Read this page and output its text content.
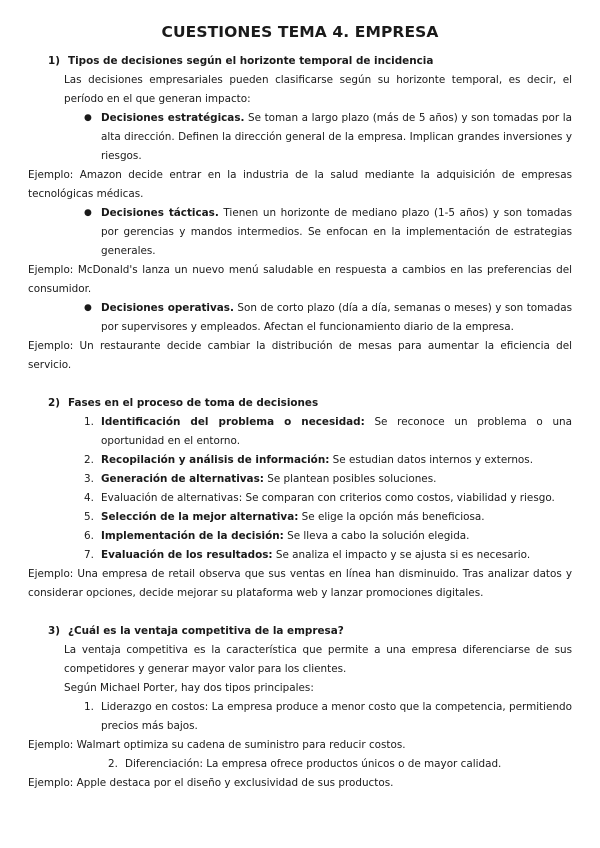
CUESTIONES TEMA 4. EMPRESA
1) Tipos de decisiones según el horizonte temporal de incidencia
Las decisiones empresariales pueden clasificarse según su horizonte temporal, es decir, el período en el que generan impacto:
● Decisiones estratégicas. Se toman a largo plazo (más de 5 años) y son tomadas por la alta dirección. Definen la dirección general de la empresa. Implican grandes inversiones y riesgos.
Ejemplo: Amazon decide entrar en la industria de la salud mediante la adquisición de empresas tecnológicas médicas.
● Decisiones tácticas. Tienen un horizonte de mediano plazo (1-5 años) y son tomadas por gerencias y mandos intermedios. Se enfocan en la implementación de estrategias generales.
Ejemplo: McDonald's lanza un nuevo menú saludable en respuesta a cambios en las preferencias del consumidor.
● Decisiones operativas. Son de corto plazo (día a día, semanas o meses) y son tomadas por supervisores y empleados. Afectan el funcionamiento diario de la empresa.
Ejemplo: Un restaurante decide cambiar la distribución de mesas para aumentar la eficiencia del servicio.
2) Fases en el proceso de toma de decisiones
1. Identificación del problema o necesidad: Se reconoce un problema o una oportunidad en el entorno.
2. Recopilación y análisis de información: Se estudian datos internos y externos.
3. Generación de alternativas: Se plantean posibles soluciones.
4. Evaluación de alternativas: Se comparan con criterios como costos, viabilidad y riesgo.
5. Selección de la mejor alternativa: Se elige la opción más beneficiosa.
6. Implementación de la decisión: Se lleva a cabo la solución elegida.
7. Evaluación de los resultados: Se analiza el impacto y se ajusta si es necesario.
Ejemplo: Una empresa de retail observa que sus ventas en línea han disminuido. Tras analizar datos y considerar opciones, decide mejorar su plataforma web y lanzar promociones digitales.
3) ¿Cuál es la ventaja competitiva de la empresa?
La ventaja competitiva es la característica que permite a una empresa diferenciarse de sus competidores y generar mayor valor para los clientes.
Según Michael Porter, hay dos tipos principales:
1. Liderazgo en costos: La empresa produce a menor costo que la competencia, permitiendo precios más bajos.
Ejemplo: Walmart optimiza su cadena de suministro para reducir costos.
2. Diferenciación: La empresa ofrece productos únicos o de mayor calidad.
Ejemplo: Apple destaca por el diseño y exclusividad de sus productos.
